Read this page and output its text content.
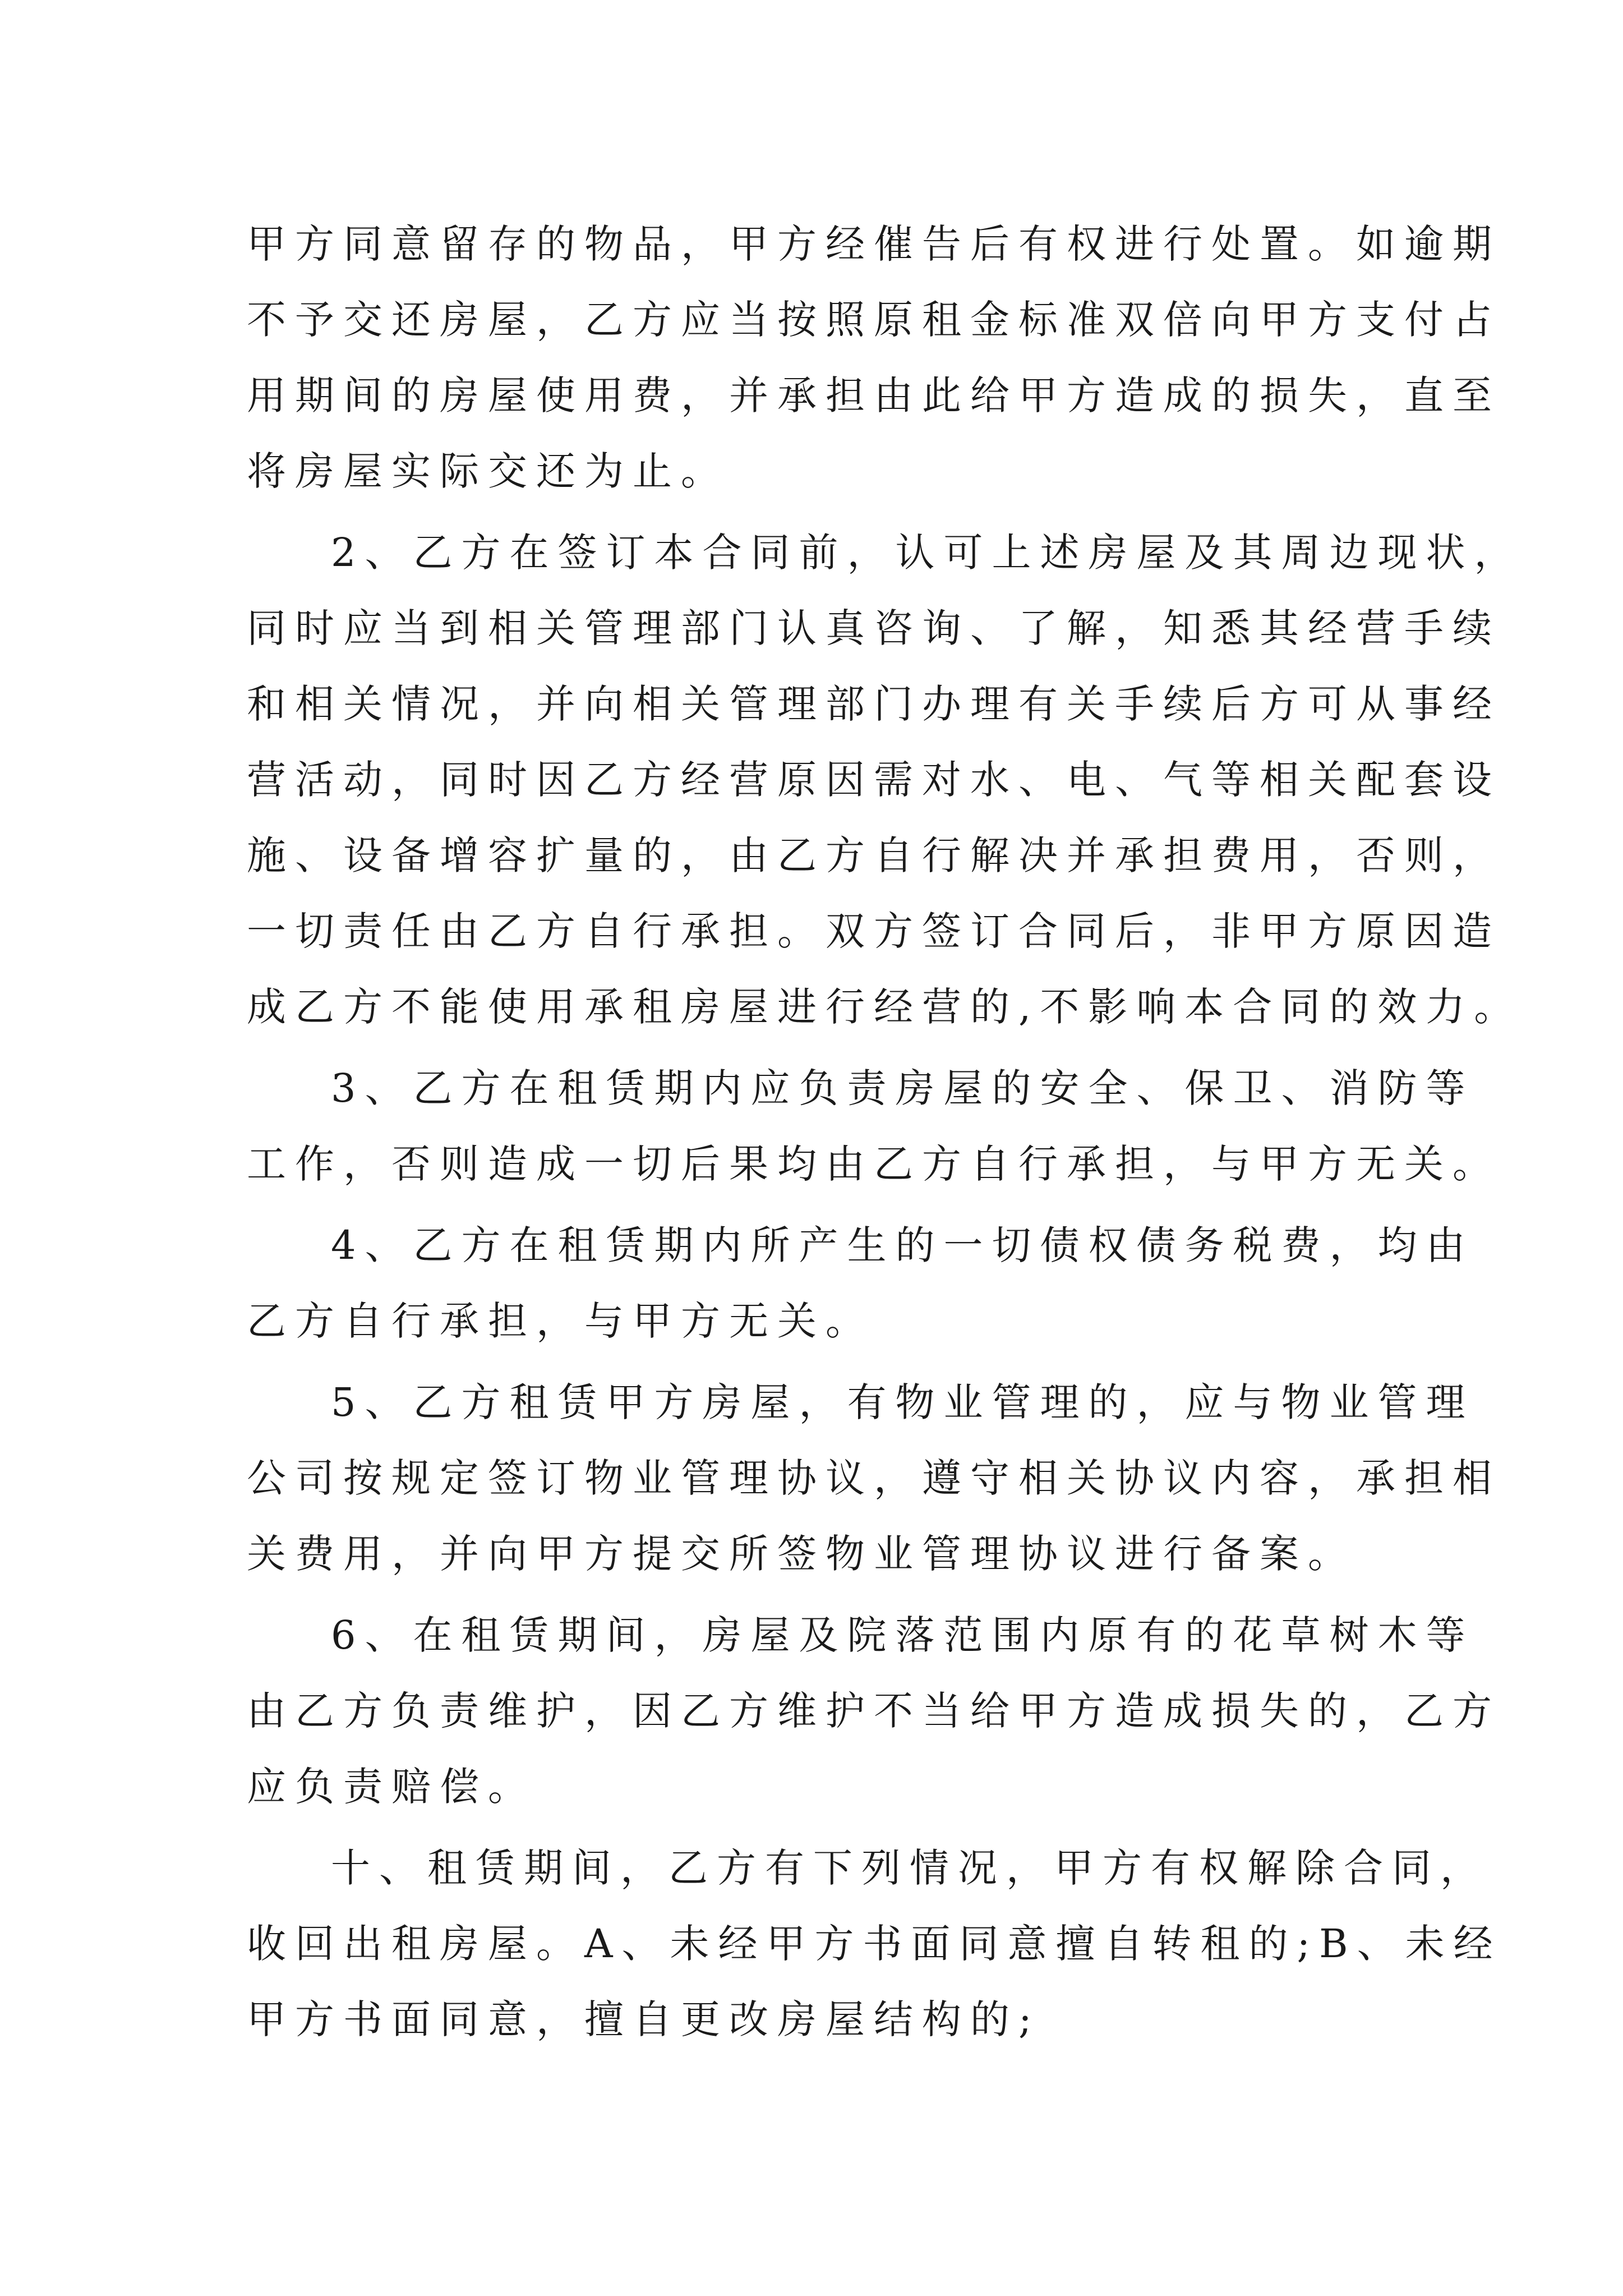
甲方同意留存的物品，甲方经催告后有权进行处置。如逾期
不予交还房屋，乙方应当按照原租金标准双倍向甲方支付占
用期间的房屋使用费，并承担由此给甲方造成的损失，直至
将房屋实际交还为止。
2、乙方在签订本合同前，认可上述房屋及其周边现状，
同时应当到相关管理部门认真咨询、了解，知悉其经营手续
和相关情况，并向相关管理部门办理有关手续后方可从事经
营活动，同时因乙方经营原因需对水、电、气等相关配套设
施、设备增容扩量的，由乙方自行解决并承担费用，否则，
一切责任由乙方自行承担。双方签订合同后，非甲方原因造
成乙方不能使用承租房屋进行经营的,不影响本合同的效力。
3、乙方在租赁期内应负责房屋的安全、保卫、消防等
工作，否则造成一切后果均由乙方自行承担，与甲方无关。
4、乙方在租赁期内所产生的一切债权债务税费，均由
乙方自行承担，与甲方无关。
5、乙方租赁甲方房屋，有物业管理的，应与物业管理
公司按规定签订物业管理协议，遵守相关协议内容，承担相
关费用，并向甲方提交所签物业管理协议进行备案。
6、在租赁期间，房屋及院落范围内原有的花草树木等
由乙方负责维护，因乙方维护不当给甲方造成损失的，乙方
应负责赔偿。
十、租赁期间，乙方有下列情况，甲方有权解除合同，
收回出租房屋。A、未经甲方书面同意擅自转租的;B、未经
甲方书面同意，擅自更改房屋结构的;
